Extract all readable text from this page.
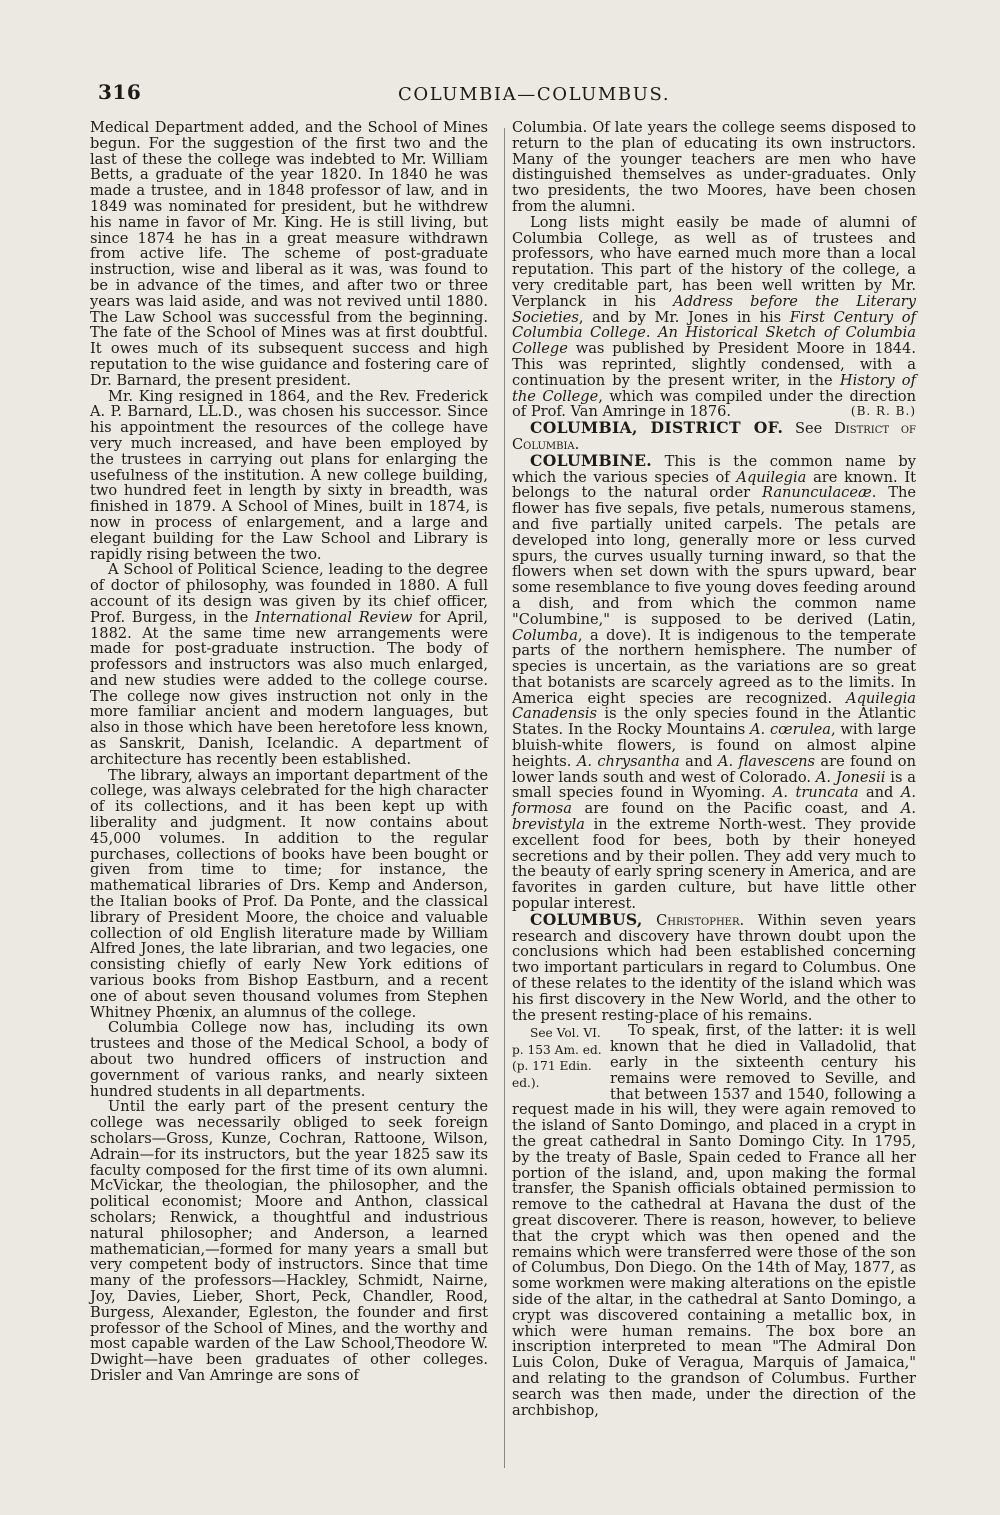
316	COLUMBIA—COLUMBUS.

Medical Department added, and the School of Mines begun. For the suggestion of the first two and the last of these the college was indebted to Mr. William Betts, a graduate of the year 1820. In 1840 he was made a trustee, and in 1848 professor of law, and in 1849 was nominated for president, but he withdrew his name in favor of Mr. King. He is still living, but since 1874 he has in a great measure withdrawn from active life. The scheme of post-graduate instruction, wise and liberal as it was, was found to be in advance of the times, and after two or three years was laid aside, and was not revived until 1880. The Law School was successful from the beginning. The fate of the School of Mines was at first doubtful. It owes much of its subsequent success and high reputation to the wise guidance and fostering care of Dr. Barnard, the present president.

Mr. King resigned in 1864, and the Rev. Frederick A. P. Barnard, LL.D., was chosen his successor. Since his appointment the resources of the college have very much increased, and have been employed by the trustees in carrying out plans for enlarging the usefulness of the institution. A new college building, two hundred feet in length by sixty in breadth, was finished in 1879. A School of Mines, built in 1874, is now in process of enlargement, and a large and elegant building for the Law School and Library is rapidly rising between the two.

A School of Political Science, leading to the degree of doctor of philosophy, was founded in 1880. A full account of its design was given by its chief officer, Prof. Burgess, in the International Review for April, 1882. At the same time new arrangements were made for post-graduate instruction. The body of professors and instructors was also much enlarged, and new studies were added to the college course. The college now gives instruction not only in the more familiar ancient and modern languages, but also in those which have been heretofore less known, as Sanskrit, Danish, Icelandic. A department of architecture has recently been established.

The library, always an important department of the college, was always celebrated for the high character of its collections, and it has been kept up with liberality and judgment. It now contains about 45,000 volumes. In addition to the regular purchases, collections of books have been bought or given from time to time; for instance, the mathematical libraries of Drs. Kemp and Anderson, the Italian books of Prof. Da Ponte, and the classical library of President Moore, the choice and valuable collection of old English literature made by William Alfred Jones, the late librarian, and two legacies, one consisting chiefly of early New York editions of various books from Bishop Eastburn, and a recent one of about seven thousand volumes from Stephen Whitney Phœnix, an alumnus of the college.

Columbia College now has, including its own trustees and those of the Medical School, a body of about two hundred officers of instruction and government of various ranks, and nearly sixteen hundred students in all departments.

Until the early part of the present century the college was necessarily obliged to seek foreign scholars—Gross, Kunze, Cochran, Rattoone, Wilson, Adrain—for its instructors, but the year 1825 saw its faculty composed for the first time of its own alumni. McVickar, the theologian, the philosopher, and the political economist; Moore and Anthon, classical scholars; Renwick, a thoughtful and industrious natural philosopher; and Anderson, a learned mathematician,—formed for many years a small but very competent body of instructors. Since that time many of the professors—Hackley, Schmidt, Nairne, Joy, Davies, Lieber, Short, Peck, Chandler, Rood, Burgess, Alexander, Egleston, the founder and first professor of the School of Mines, and the worthy and most capable warden of the Law School,Theodore W. Dwight—have been graduates of other colleges. Drisler and Van Amringe are sons of

Columbia. Of late years the college seems disposed to return to the plan of educating its own instructors. Many of the younger teachers are men who have distinguished themselves as under-graduates. Only two presidents, the two Moores, have been chosen from the alumni.

Long lists might easily be made of alumni of Columbia College, as well as of trustees and professors, who have earned much more than a local reputation. This part of the history of the college, a very creditable part, has been well written by Mr. Verplanck in his Address before the Literary Societies, and by Mr. Jones in his First Century of Columbia College. An Historical Sketch of Columbia College was published by President Moore in 1844. This was reprinted, slightly condensed, with a continuation by the present writer, in the History of the College, which was compiled under the direction of Prof. Van Amringe in 1876.	(B. R. B.)

COLUMBIA, DISTRICT OF. See District of Columbia.

COLUMBINE. This is the common name by which the various species of Aquilegia are known. It belongs to the natural order Ranunculaceæ. The flower has five sepals, five petals, numerous stamens, and five partially united carpels. The petals are developed into long, generally more or less curved spurs, the curves usually turning inward, so that the flowers when set down with the spurs upward, bear some resemblance to five young doves feeding around a dish, and from which the common name "Columbine," is supposed to be derived (Latin, Columba, a dove). It is indigenous to the temperate parts of the northern hemisphere. The number of species is uncertain, as the variations are so great that botanists are scarcely agreed as to the limits. In America eight species are recognized. Aquilegia Canadensis is the only species found in the Atlantic States. In the Rocky Mountains A. cœrulea, with large bluish-white flowers, is found on almost alpine heights. A. chrysantha and A. flavescens are found on lower lands south and west of Colorado. A. Jonesii is a small species found in Wyoming. A. truncata and A. formosa are found on the Pacific coast, and A. brevistyla in the extreme North-west. They provide excellent food for bees, both by their honeyed secretions and by their pollen. They add very much to the beauty of early spring scenery in America, and are favorites in garden culture, but have little other popular interest.

COLUMBUS, Christopher. Within seven years research and discovery have thrown doubt upon the conclusions which had been established concerning two important particulars in regard to Columbus. One of these relates to the identity of the island which was his first discovery in the New World, and the other to the present resting-place of his remains.

See Vol. VI. p. 153 Am. ed. (p. 171 Edin. ed.).
To speak, first, of the latter: it is well known that he died in Valladolid, that early in the sixteenth century his remains were removed to Seville, and that between 1537 and 1540, following a request made in his will, they were again removed to the island of Santo Domingo, and placed in a crypt in the great cathedral in Santo Domingo City. In 1795, by the treaty of Basle, Spain ceded to France all her portion of the island, and, upon making the formal transfer, the Spanish officials obtained permission to remove to the cathedral at Havana the dust of the great discoverer. There is reason, however, to believe that the crypt which was then opened and the remains which were transferred were those of the son of Columbus, Don Diego. On the 14th of May, 1877, as some workmen were making alterations on the epistle side of the altar, in the cathedral at Santo Domingo, a crypt was discovered containing a metallic box, in which were human remains. The box bore an inscription interpreted to mean "The Admiral Don Luis Colon, Duke of Veragua, Marquis of Jamaica," and relating to the grandson of Columbus. Further search was then made, under the direction of the archbishop,
